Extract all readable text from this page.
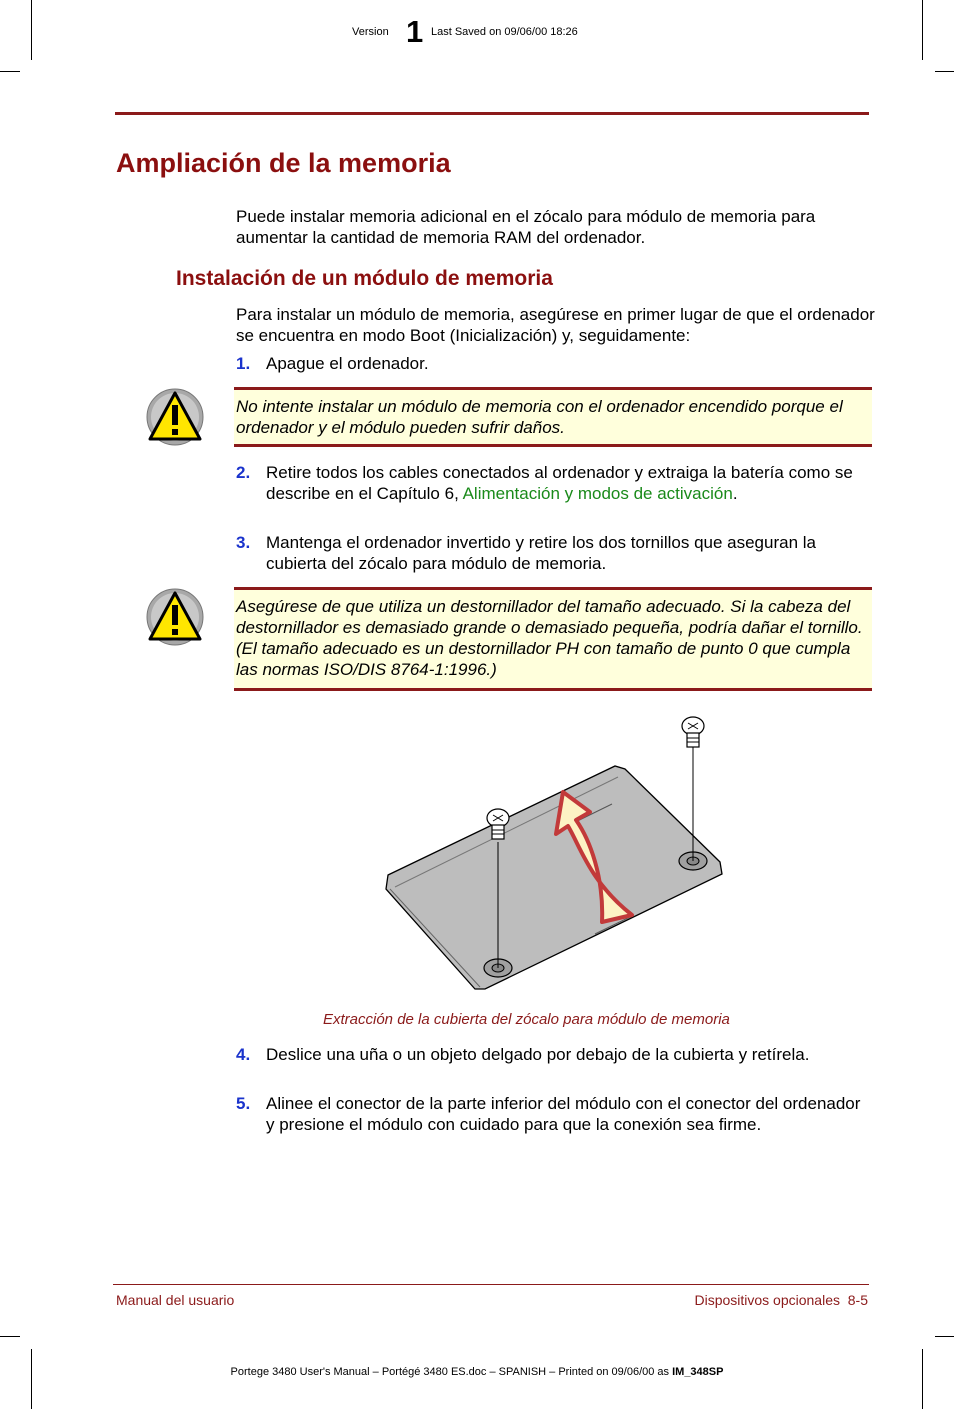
Version 1 Last Saved on 09/06/00 18:26
Ampliación de la memoria

Puede instalar memoria adicional en el zócalo para módulo de memoria para aumentar la cantidad de memoria RAM del ordenador.

Instalación de un módulo de memoria

Para instalar un módulo de memoria, asegúrese en primer lugar de que el ordenador se encuentra en modo Boot (Inicialización) y, seguidamente:

1. Apague el ordenador.
No intente instalar un módulo de memoria con el ordenador encendido porque el ordenador y el módulo pueden sufrir daños.
2. Retire todos los cables conectados al ordenador y extraiga la batería como se describe en el Capítulo 6, Alimentación y modos de activación.
3. Mantenga el ordenador invertido y retire los dos tornillos que aseguran la cubierta del zócalo para módulo de memoria.
Asegúrese de que utiliza un destornillador del tamaño adecuado. Si la cabeza del destornillador es demasiado grande o demasiado pequeña, podría dañar el tornillo. (El tamaño adecuado es un destornillador PH con tamaño de punto 0 que cumpla las normas ISO/DIS 8764-1:1996.)
Extracción de la cubierta del zócalo para módulo de memoria
4. Deslice una uña o un objeto delgado por debajo de la cubierta y retírela.
5. Alinee el conector de la parte inferior del módulo con el conector del ordenador y presione el módulo con cuidado para que la conexión sea firme.
Manual del usuario	Dispositivos opcionales  8-5
Portege 3480 User's Manual – Portégé 3480 ES.doc – SPANISH – Printed on 09/06/00 as IM_348SP
